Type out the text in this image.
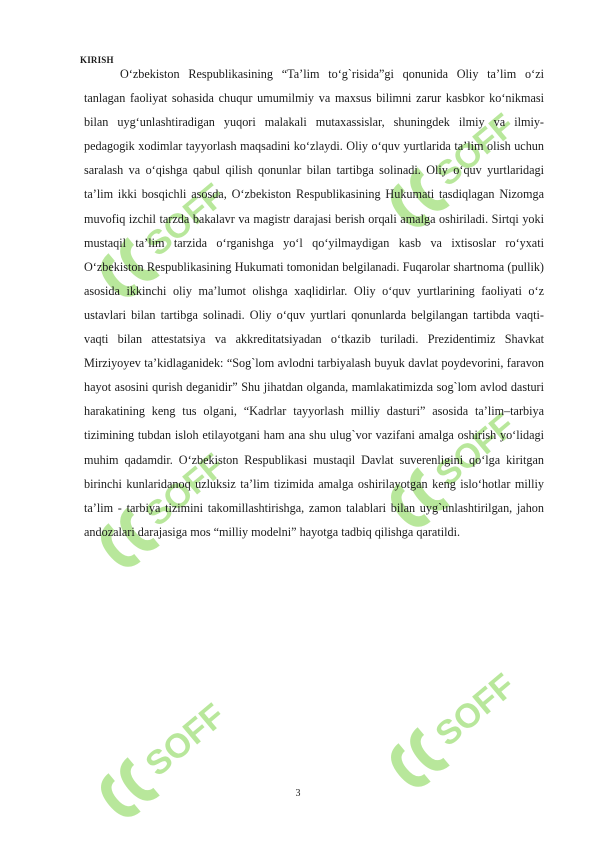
SOFF
SOFF
SOFF	SOFF
SOFF	SOFF
KIRISH

O‘zbekiston Respublikasining “Ta’lim to‘g`risida”gi qonunida Oliy ta’lim o‘zi tanlagan faoliyat sohasida chuqur umumilmiy va maxsus bilimni zarur kasbkor ko‘nikmasi bilan uyg‘unlashtiradigan yuqori malakali mutaxassislar, shuningdek ilmiy va ilmiy-pedagogik xodimlar tayyorlash maqsadini ko‘zlaydi. Oliy o‘quv yurtlarida ta’lim olish uchun saralash va o‘qishga qabul qilish qonunlar bilan tartibga solinadi. Oliy o‘quv yurtlaridagi ta’lim ikki bosqichli asosda, O‘zbekiston Respublikasining Hukumati tasdiqlagan Nizomga muvofiq izchil tarzda bakalavr va magistr darajasi berish orqali amalga oshiriladi. Sirtqi yoki mustaqil ta’lim tarzida o‘rganishga yo‘l qo‘yilmaydigan kasb va ixtisoslar ro‘yxati O‘zbekiston Respublikasining Hukumati tomonidan belgilanadi. Fuqarolar shartnoma (pullik) asosida ikkinchi oliy ma’lumot olishga xaqlidirlar. Oliy o‘quv yurtlarining faoliyati o‘z ustavlari bilan tartibga solinadi. Oliy o‘quv yurtlari qonunlarda belgilangan tartibda vaqti-vaqti bilan attestatsiya va akkreditatsiyadan o‘tkazib turiladi. Prezidentimiz Shavkat Mirziyoyev ta’kidlaganidek: “Sog`lom avlodni tarbiyalash buyuk davlat poydevorini, faravon hayot asosini qurish deganidir” Shu jihatdan olganda, mamlakatimizda sog`lom avlod dasturi harakatining keng tus olgani, “Kadrlar tayyorlash milliy dasturi” asosida ta’lim–tarbiya tizimining tubdan isloh etilayotgani ham ana shu ulug`vor vazifani amalga oshirish yo‘lidagi muhim qadamdir. O‘zbekiston Respublikasi mustaqil Davlat suverenligini qo‘lga kiritgan birinchi kunlaridanoq uzluksiz ta’lim tizimida amalga oshirilayotgan keng islo‘hotlar milliy ta’lim - tarbiya tizimini takomillashtirishga, zamon talablari bilan uyg`unlashtirilgan, jahon andozalari darajasiga mos “milliy modelni” hayotga tadbiq qilishga qaratildi.

3
